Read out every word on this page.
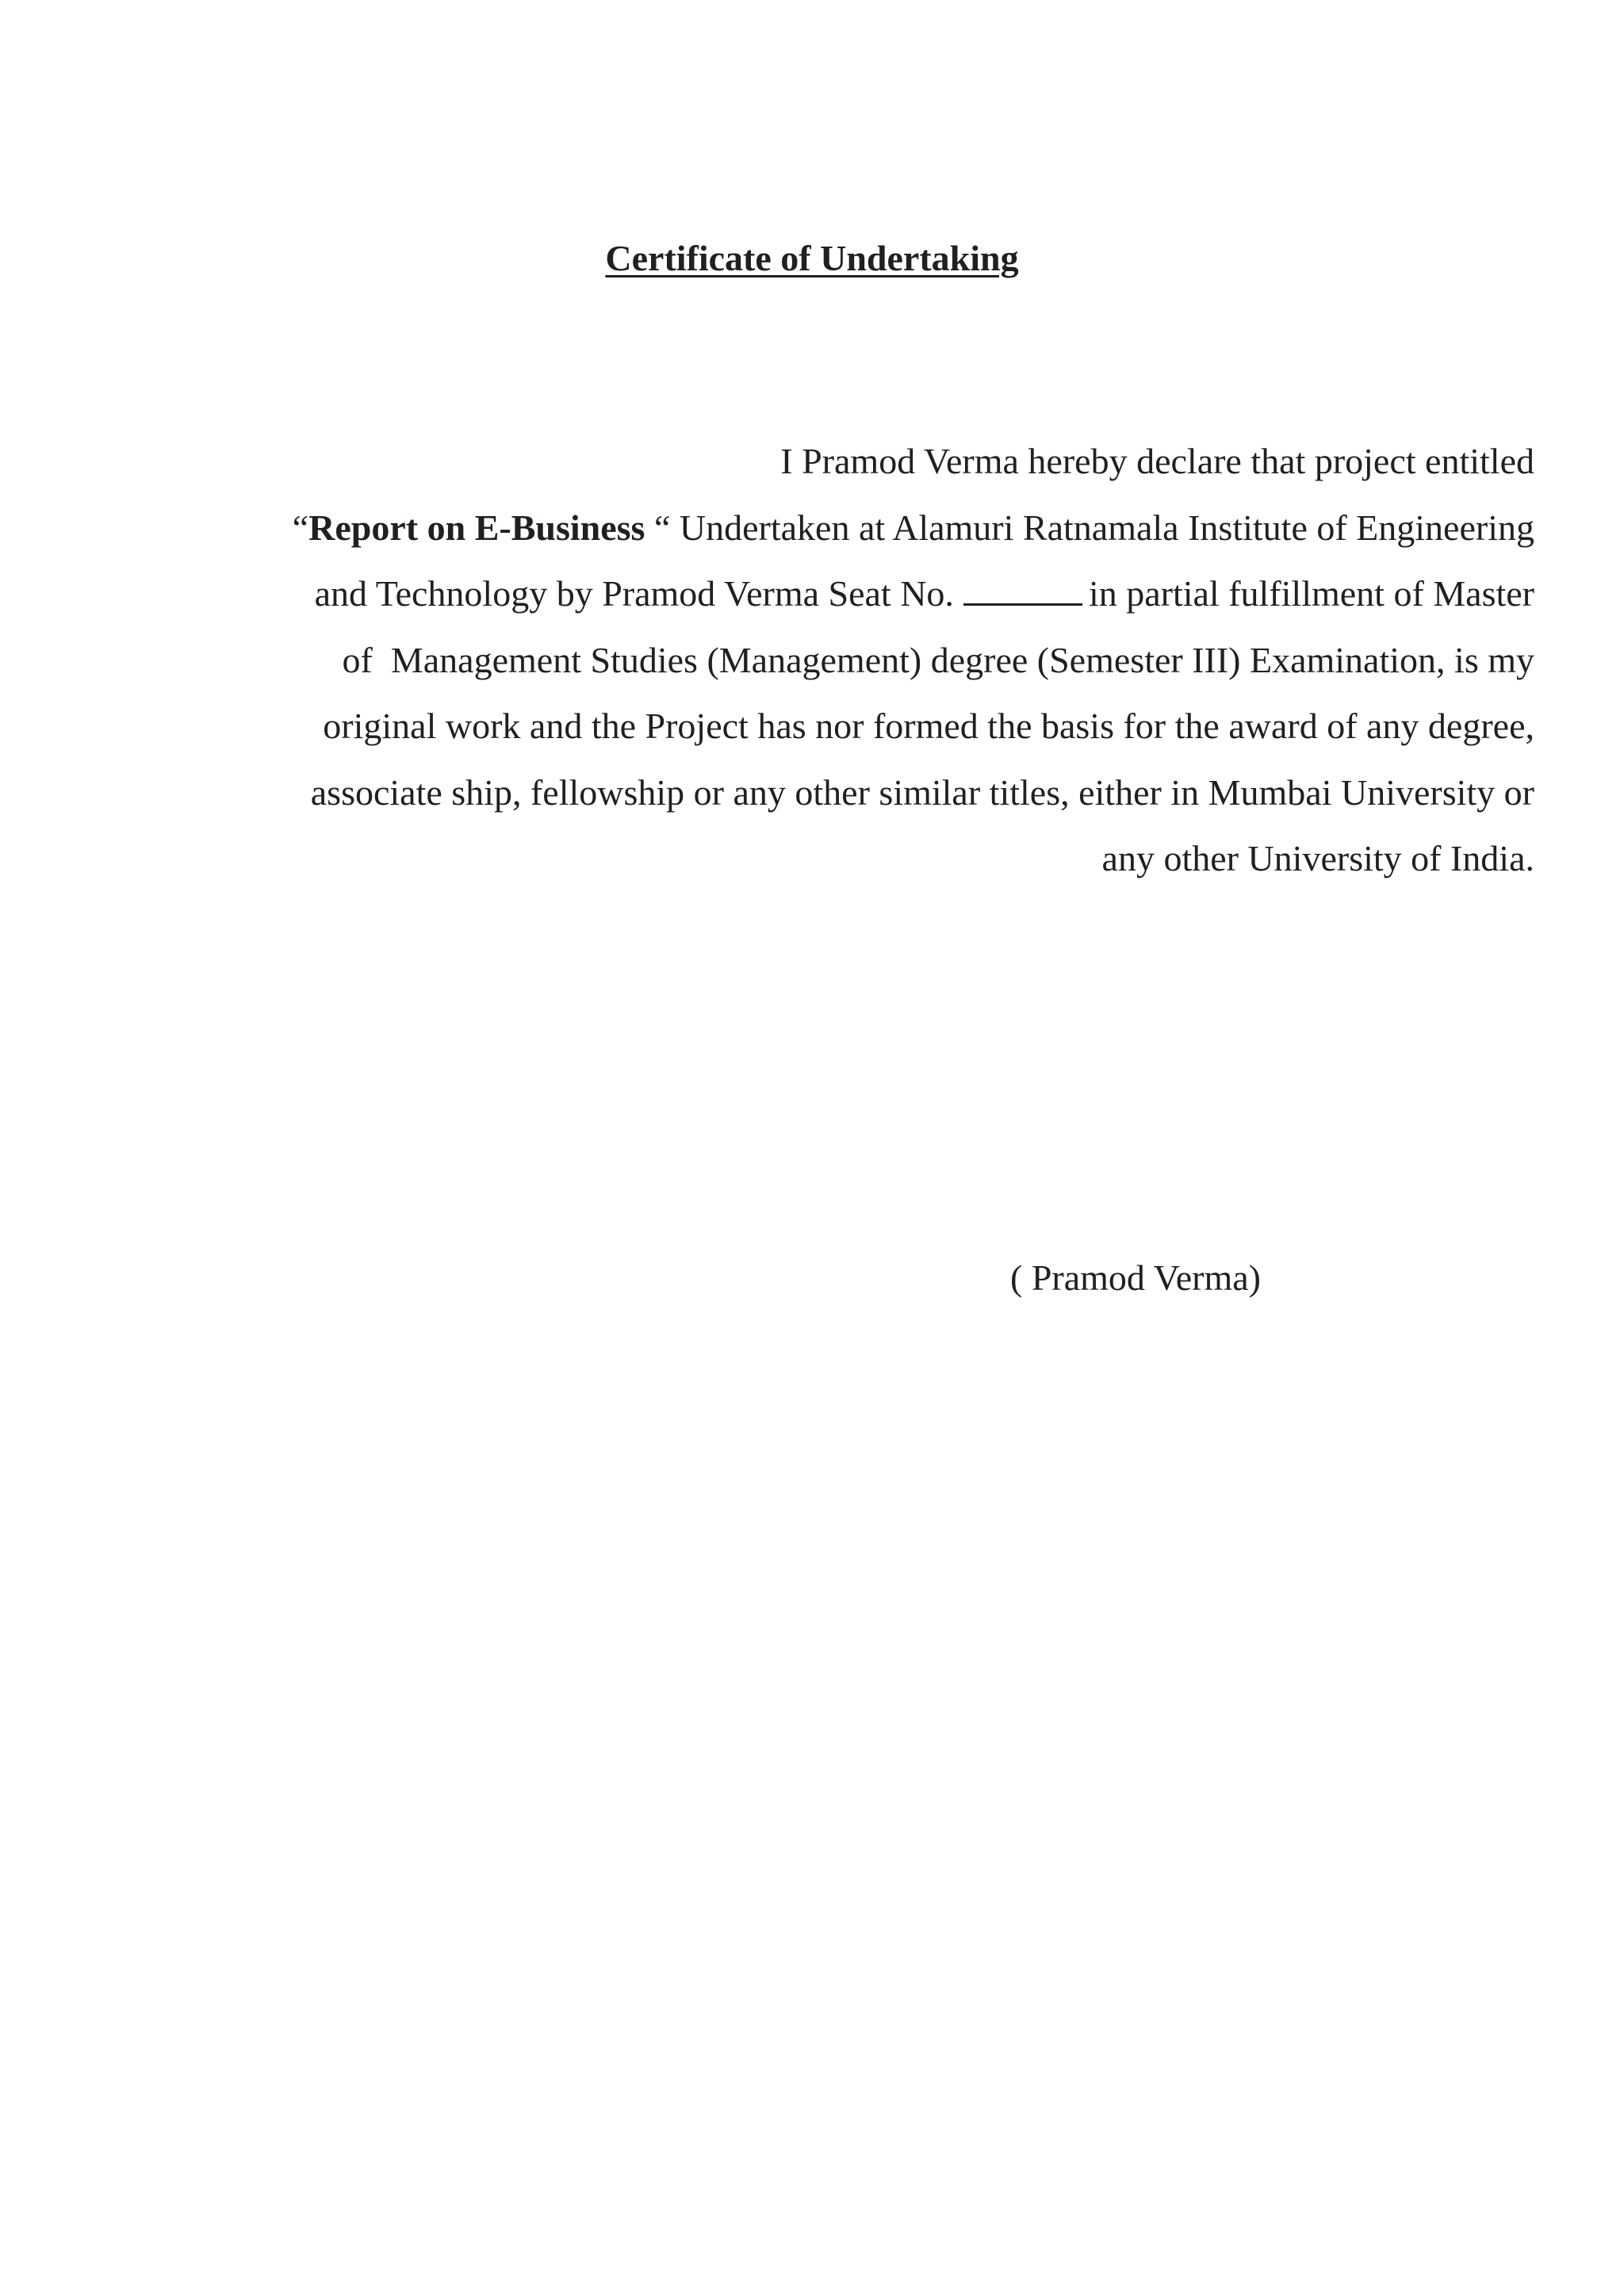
Certificate of Undertaking
I Pramod Verma hereby declare that project entitled
“Report on E-Business “ Undertaken at Alamuri Ratnamala Institute of Engineering
and Technology by Pramod Verma Seat No.	in partial fulfillment of Master
of  Management Studies (Management) degree (Semester III) Examination, is my
original work and the Project has nor formed the basis for the award of any degree,
associate ship, fellowship or any other similar titles, either in Mumbai University or
any other University of India.

( Pramod Verma)
